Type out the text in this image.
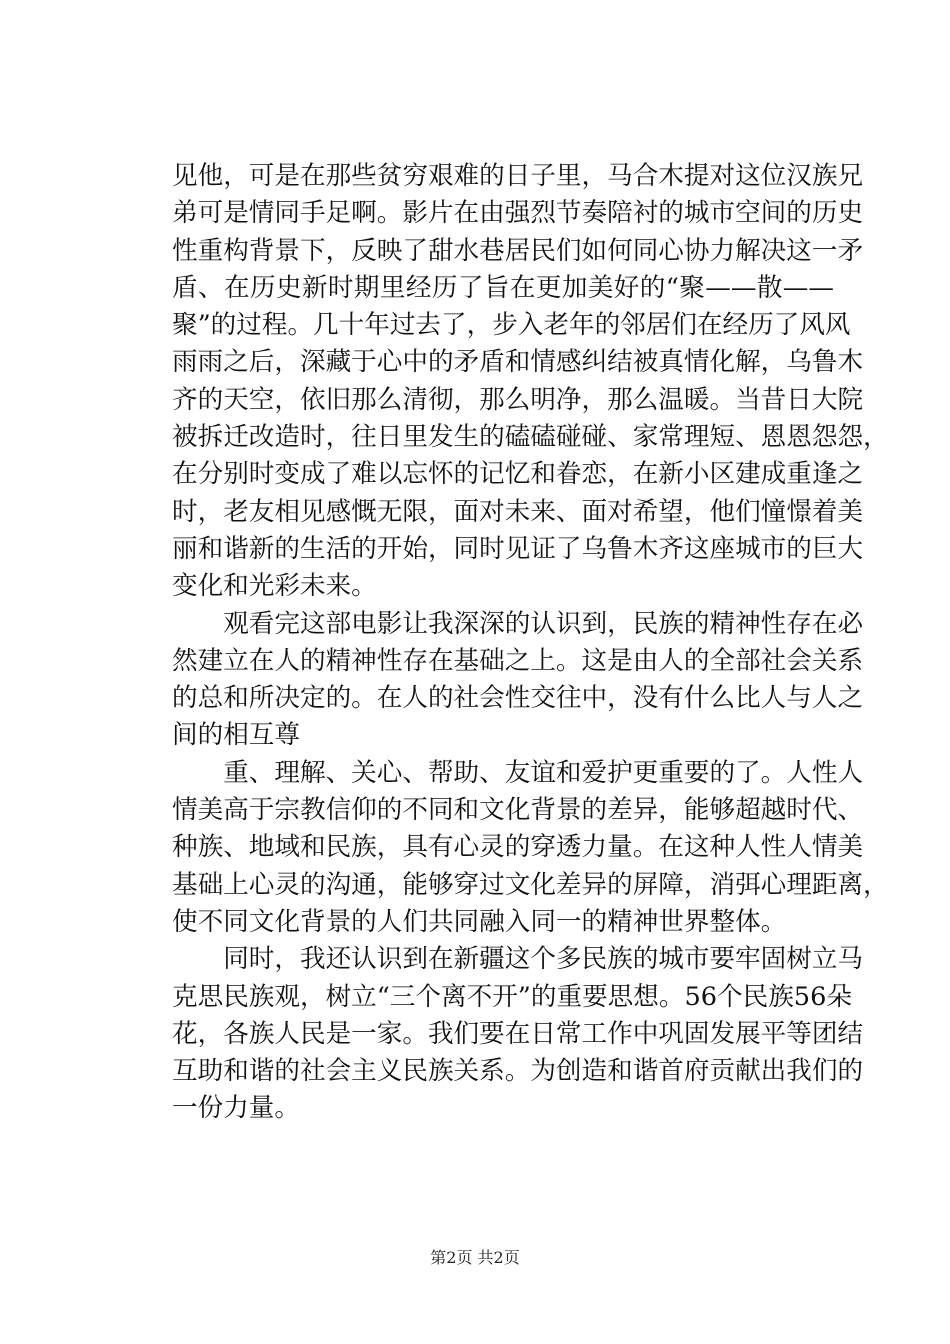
见他，可是在那些贫穷艰难的日子里，马合木提对这位汉族兄
弟可是情同手足啊。影片在由强烈节奏陪衬的城市空间的历史
性重构背景下，反映了甜水巷居民们如何同心协力解决这一矛
盾、在历史新时期里经历了旨在更加美好的“聚——散——
聚”的过程。几十年过去了，步入老年的邻居们在经历了风风
雨雨之后，深藏于心中的矛盾和情感纠结被真情化解，乌鲁木
齐的天空，依旧那么清彻，那么明净，那么温暖。当昔日大院
被拆迁改造时，往日里发生的磕磕碰碰、家常理短、恩恩怨怨，
在分别时变成了难以忘怀的记忆和眷恋，在新小区建成重逢之
时，老友相见感慨无限，面对未来、面对希望，他们憧憬着美
丽和谐新的生活的开始，同时见证了乌鲁木齐这座城市的巨大
变化和光彩未来。
　　观看完这部电影让我深深的认识到，民族的精神性存在必
然建立在人的精神性存在基础之上。这是由人的全部社会关系
的总和所决定的。在人的社会性交往中，没有什么比人与人之
间的相互尊
　　重、理解、关心、帮助、友谊和爱护更重要的了。人性人
情美高于宗教信仰的不同和文化背景的差异，能够超越时代、
种族、地域和民族，具有心灵的穿透力量。在这种人性人情美
基础上心灵的沟通，能够穿过文化差异的屏障，消弭心理距离，
使不同文化背景的人们共同融入同一的精神世界整体。
　　同时，我还认识到在新疆这个多民族的城市要牢固树立马
克思民族观，树立“三个离不开”的重要思想。56个民族56朵
花，各族人民是一家。我们要在日常工作中巩固发展平等团结
互助和谐的社会主义民族关系。为创造和谐首府贡献出我们的
一份力量。
第2页 共2页
